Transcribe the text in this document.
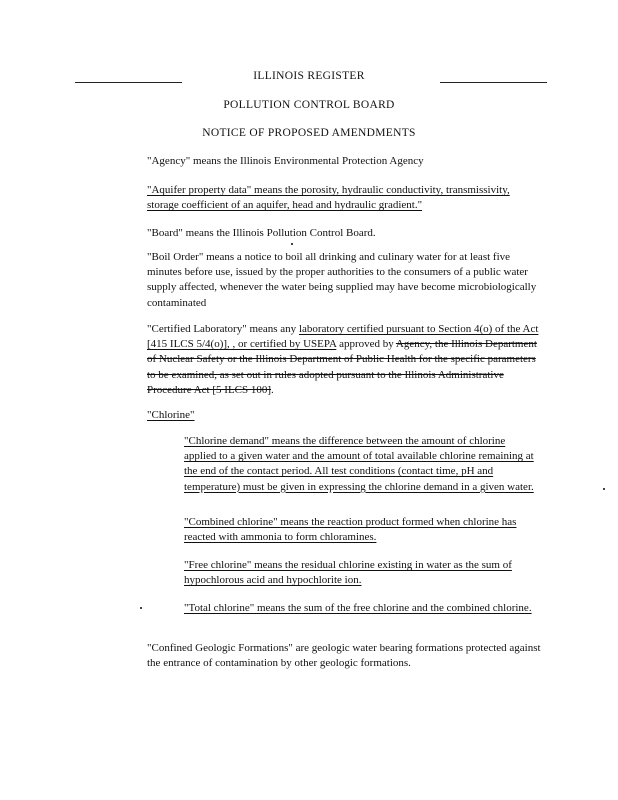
ILLINOIS REGISTER
POLLUTION CONTROL BOARD
NOTICE OF PROPOSED AMENDMENTS
"Agency" means the Illinois Environmental Protection Agency
"Aquifer property data" means the porosity, hydraulic conductivity, transmissivity, storage coefficient of an aquifer, head and hydraulic gradient."
"Board" means the Illinois Pollution Control Board.
"Boil Order" means a notice to boil all drinking and culinary water for at least five minutes before use, issued by the proper authorities to the consumers of a public water supply affected, whenever the water being supplied may have become microbiologically contaminated
"Certified Laboratory" means any laboratory certified pursuant to Section 4(o) of the Act [415 ILCS 5/4(o)], , or certified by USEPA approved by Agency, the Illinois Department of Nuclear Safety or the Illinois Department of Public Health for the specific parameters to be examined, as set out in rules adopted pursuant to the Illinois Administrative Procedure Act [5 ILCS 100].
"Chlorine"
"Chlorine demand" means the difference between the amount of chlorine applied to a given water and the amount of total available chlorine remaining at the end of the contact period. All test conditions (contact time, pH and temperature) must be given in expressing the chlorine demand in a given water.
"Combined chlorine" means the reaction product formed when chlorine has reacted with ammonia to form chloramines.
"Free chlorine" means the residual chlorine existing in water as the sum of hypochlorous acid and hypochlorite ion.
"Total chlorine" means the sum of the free chlorine and the combined chlorine.
"Confined Geologic Formations" are geologic water bearing formations protected against the entrance of contamination by other geologic formations.
